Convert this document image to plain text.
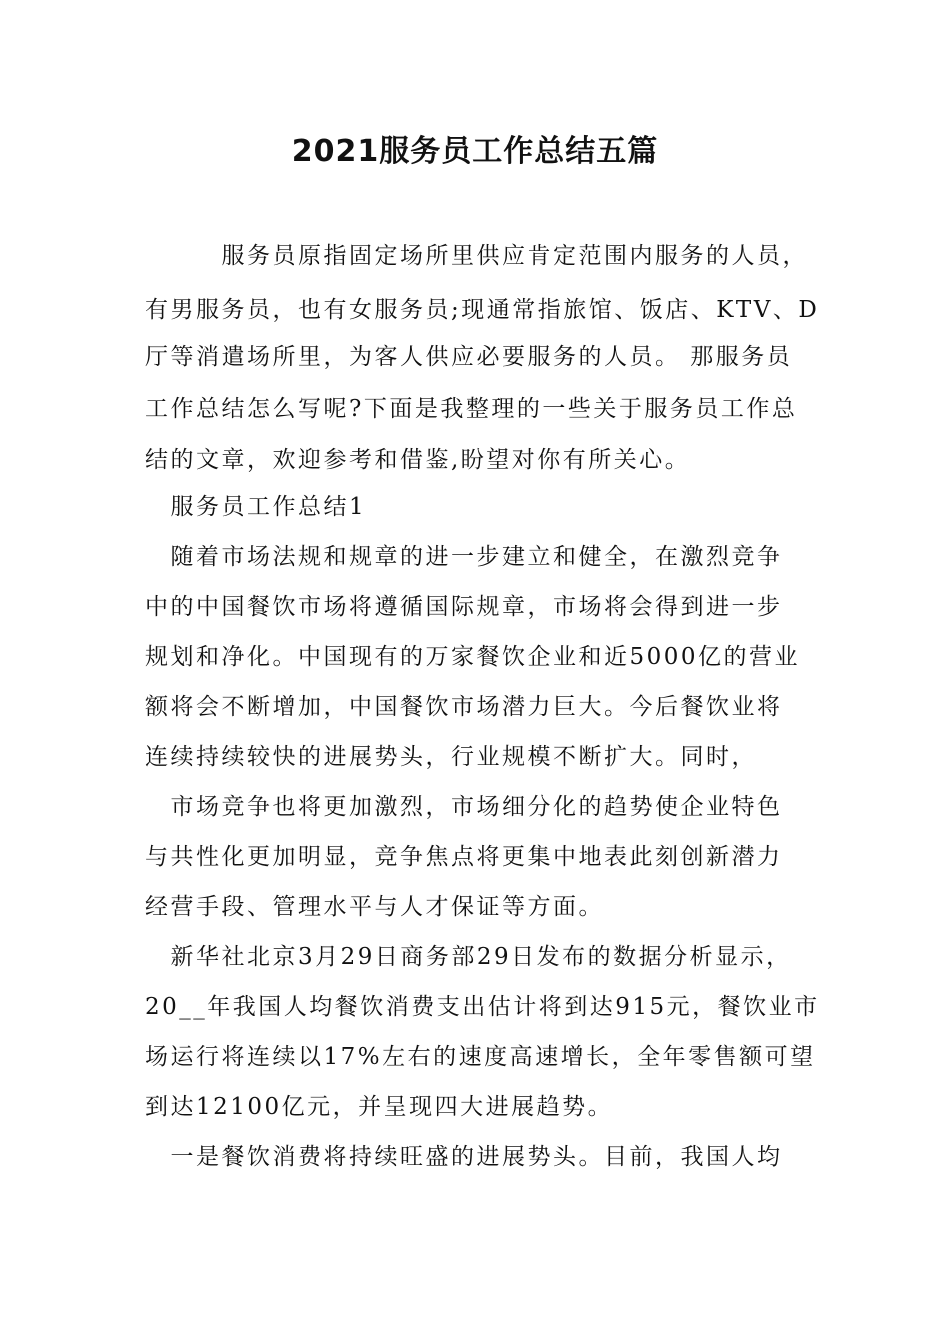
2021服务员工作总结五篇

　　　服务员原指固定场所里供应肯定范围内服务的人员，

有男服务员，也有女服务员;现通常指旅馆、饭店、KTV、D

厅等消遣场所里，为客人供应必要服务的人员。 那服务员

工作总结怎么写呢?下面是我整理的一些关于服务员工作总

结的文章，欢迎参考和借鉴,盼望对你有所关心。

　服务员工作总结1

　随着市场法规和规章的进一步建立和健全，在激烈竞争

中的中国餐饮市场将遵循国际规章，市场将会得到进一步

规划和净化。中国现有的万家餐饮企业和近5000亿的营业

额将会不断增加，中国餐饮市场潜力巨大。今后餐饮业将

连续持续较快的进展势头，行业规模不断扩大。同时，

　市场竞争也将更加激烈，市场细分化的趋势使企业特色

与共性化更加明显，竞争焦点将更集中地表此刻创新潜力

经营手段、管理水平与人才保证等方面。

　新华社北京3月29日商务部29日发布的数据分析显示，

20__年我国人均餐饮消费支出估计将到达915元，餐饮业市

场运行将连续以17%左右的速度高速增长，全年零售额可望

到达12100亿元，并呈现四大进展趋势。

　一是餐饮消费将持续旺盛的进展势头。目前，我国人均
